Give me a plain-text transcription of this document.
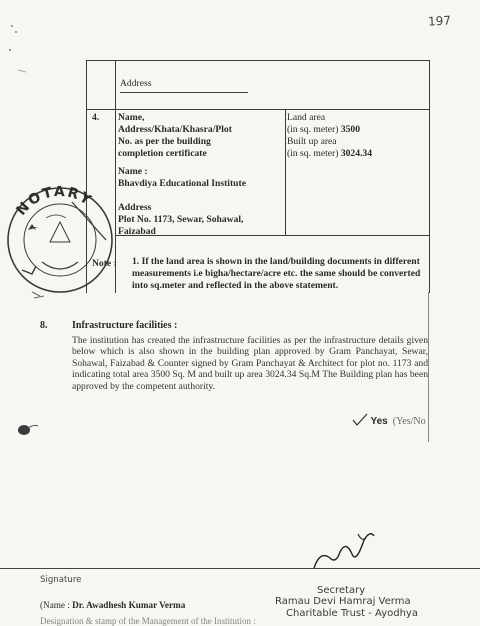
197
Address
4. Name,
Address/Khata/Khasra/Plot
No. as per the building
completion certificate
Land area
(in sq. meter) 3500
Built up area
(in sq. meter) 3024.34
Name :
Bhavdiya Educational Institute
Address
Plot No. 1173, Sewar, Sohawal,
Faizabad
Note : 1. If the land area is shown in the land/building documents in different
measurements i.e bigha/hectare/acre etc. the same should be converted
into sq.meter and reflected in the above statement.
NOTARY
8. Infrastructure facilities :
The institution has created the infrastructure facilities as per the infrastructure details given below which is also shown in the building plan approved by Gram Panchayat, Sewar, Sohawal, Faizabad & Counter signed by Gram Panchayat & Architect for plot no. 1173 and indicating total area 3500 Sq. M and built up area 3024.34 Sq.M The Building plan has been approved by the competent authority.
Yes (Yes/No
Signature
(Name : Dr. Awadhesh Kumar Verma
Designation & stamp of the Management of the Institution :
Secretary
Ramau Devi Hamraj Verma
Charitable Trust - Ayodhya
